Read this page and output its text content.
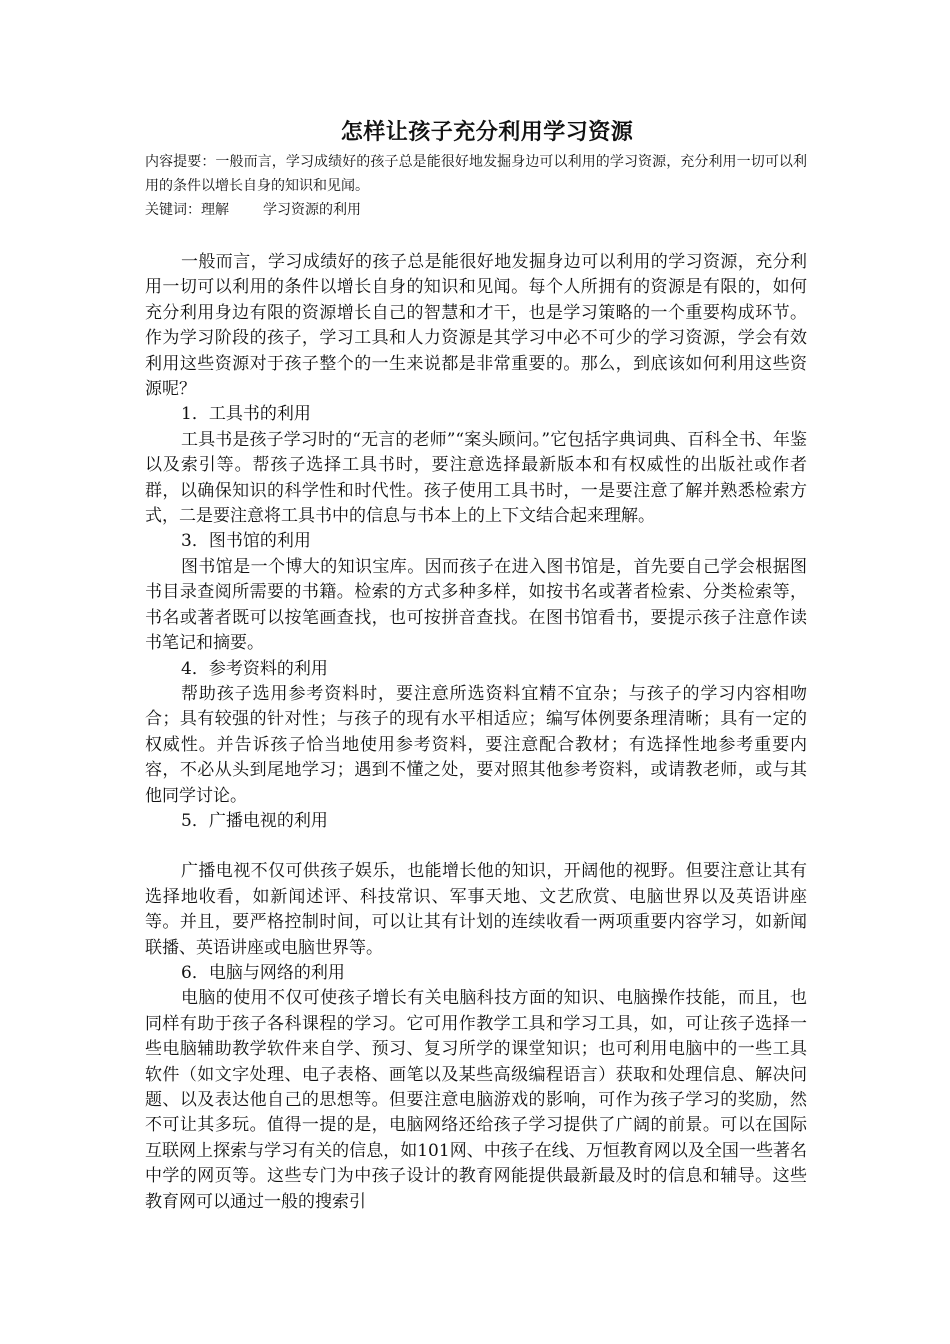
怎样让孩子充分利用学习资源

内容提要：一般而言，学习成绩好的孩子总是能很好地发掘身边可以利用的学习资源，充分利用一切可以利用的条件以增长自身的知识和见闻。

关键词：理解 学习资源的利用

一般而言，学习成绩好的孩子总是能很好地发掘身边可以利用的学习资源，充分利用一切可以利用的条件以增长自身的知识和见闻。每个人所拥有的资源是有限的，如何充分利用身边有限的资源增长自己的智慧和才干，也是学习策略的一个重要构成环节。作为学习阶段的孩子，学习工具和人力资源是其学习中必不可少的学习资源，学会有效利用这些资源对于孩子整个的一生来说都是非常重要的。那么，到底该如何利用这些资源呢？

1．工具书的利用

工具书是孩子学习时的“无言的老师”“案头顾问。”它包括字典词典、百科全书、年鉴以及索引等。帮孩子选择工具书时，要注意选择最新版本和有权威性的出版社或作者群，以确保知识的科学性和时代性。孩子使用工具书时，一是要注意了解并熟悉检索方式，二是要注意将工具书中的信息与书本上的上下文结合起来理解。

3．图书馆的利用

图书馆是一个博大的知识宝库。因而孩子在进入图书馆是，首先要自己学会根据图书目录查阅所需要的书籍。检索的方式多种多样，如按书名或著者检索、分类检索等，书名或著者既可以按笔画查找，也可按拼音查找。在图书馆看书，要提示孩子注意作读书笔记和摘要。

4．参考资料的利用

帮助孩子选用参考资料时，要注意所选资料宜精不宜杂；与孩子的学习内容相吻合；具有较强的针对性；与孩子的现有水平相适应；编写体例要条理清晰；具有一定的权威性。并告诉孩子恰当地使用参考资料，要注意配合教材；有选择性地参考重要内容，不必从头到尾地学习；遇到不懂之处，要对照其他参考资料，或请教老师，或与其他同学讨论。

5．广播电视的利用

广播电视不仅可供孩子娱乐，也能增长他的知识，开阔他的视野。但要注意让其有选择地收看，如新闻述评、科技常识、军事天地、文艺欣赏、电脑世界以及英语讲座等。并且，要严格控制时间，可以让其有计划的连续收看一两项重要内容学习，如新闻联播、英语讲座或电脑世界等。

6．电脑与网络的利用

电脑的使用不仅可使孩子增长有关电脑科技方面的知识、电脑操作技能，而且，也同样有助于孩子各科课程的学习。它可用作教学工具和学习工具，如，可让孩子选择一些电脑辅助教学软件来自学、预习、复习所学的课堂知识；也可利用电脑中的一些工具软件（如文字处理、电子表格、画笔以及某些高级编程语言）获取和处理信息、解决问题、以及表达他自己的思想等。但要注意电脑游戏的影响，可作为孩子学习的奖励，然不可让其多玩。值得一提的是，电脑网络还给孩子学习提供了广阔的前景。可以在国际互联网上探索与学习有关的信息，如101网、中孩子在线、万恒教育网以及全国一些著名中学的网页等。这些专门为中孩子设计的教育网能提供最新最及时的信息和辅导。这些教育网可以通过一般的搜索引
